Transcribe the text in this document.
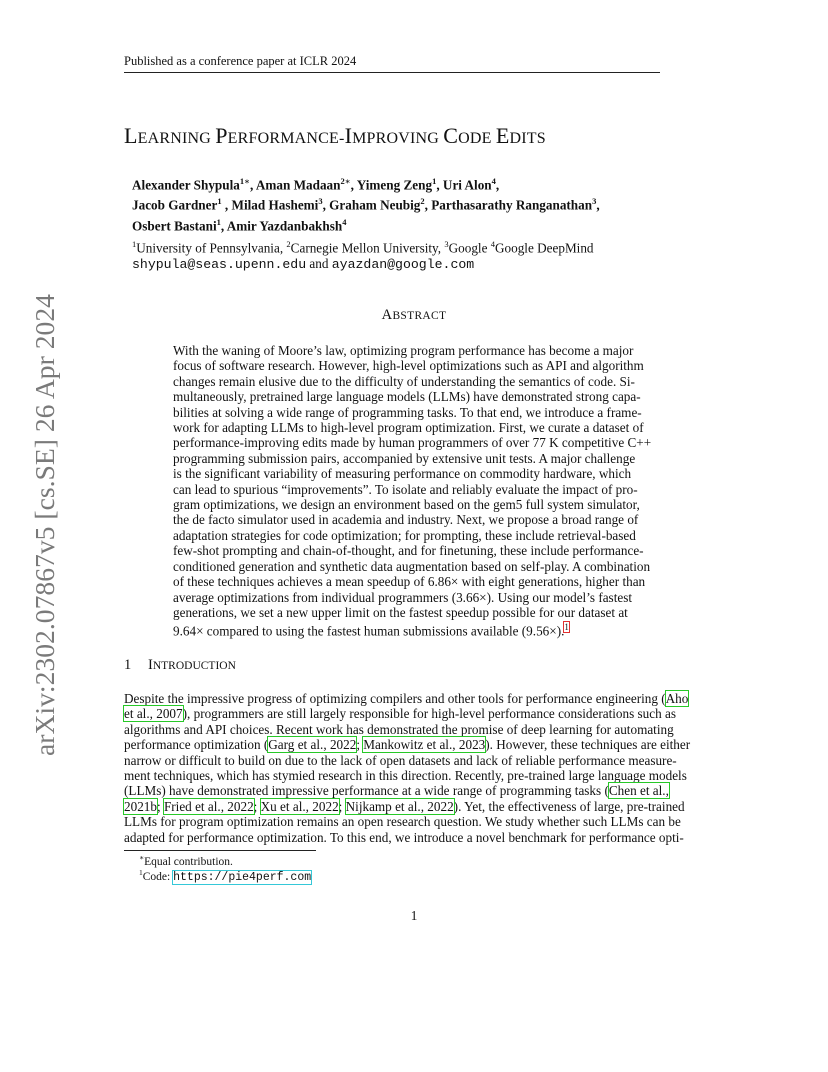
Published as a conference paper at ICLR 2024
arXiv:2302.07867v5 [cs.SE] 26 Apr 2024
LEARNING PERFORMANCE-IMPROVING CODE EDITS
Alexander Shypula$^{1∗}$, Aman Madaan$^{2∗}$, Yimeng Zeng$^1$, Uri Alon$^4$,
Jacob Gardner$^1$ , Milad Hashemi$^3$, Graham Neubig$^2$, Parthasarathy Ranganathan$^3$,
Osbert Bastani$^1$, Amir Yazdanbakhsh$^4$
$^1$University of Pennsylvania, $^2$Carnegie Mellon University, $^3$Google $^4$Google DeepMind
shypula@seas.upenn.edu and ayazdan@google.com
ABSTRACT
With the waning of Moore’s law, optimizing program performance has become a major
focus of software research. However, high-level optimizations such as API and algorithm
changes remain elusive due to the difficulty of understanding the semantics of code. Si-
multaneously, pretrained large language models (LLMs) have demonstrated strong capa-
bilities at solving a wide range of programming tasks. To that end, we introduce a frame-
work for adapting LLMs to high-level program optimization. First, we curate a dataset of
performance-improving edits made by human programmers of over 77 K competitive C++
programming submission pairs, accompanied by extensive unit tests. A major challenge
is the significant variability of measuring performance on commodity hardware, which
can lead to spurious “improvements”. To isolate and reliably evaluate the impact of pro-
gram optimizations, we design an environment based on the gem5 full system simulator,
the de facto simulator used in academia and industry. Next, we propose a broad range of
adaptation strategies for code optimization; for prompting, these include retrieval-based
few-shot prompting and chain-of-thought, and for finetuning, these include performance-
conditioned generation and synthetic data augmentation based on self-play. A combination
of these techniques achieves a mean speedup of 6.86× with eight generations, higher than
average optimizations from individual programmers (3.66×). Using our model’s fastest
generations, we set a new upper limit on the fastest speedup possible for our dataset at
9.64× compared to using the fastest human submissions available (9.56×).$^1$
1 INTRODUCTION
Despite the impressive progress of optimizing compilers and other tools for performance engineering (Aho
et al., 2007), programmers are still largely responsible for high-level performance considerations such as
algorithms and API choices. Recent work has demonstrated the promise of deep learning for automating
performance optimization (Garg et al., 2022; Mankowitz et al., 2023). However, these techniques are either
narrow or difficult to build on due to the lack of open datasets and lack of reliable performance measure-
ment techniques, which has stymied research in this direction. Recently, pre-trained large language models
(LLMs) have demonstrated impressive performance at a wide range of programming tasks (Chen et al.,
2021b; Fried et al., 2022; Xu et al., 2022; Nijkamp et al., 2022). Yet, the effectiveness of large, pre-trained
LLMs for program optimization remains an open research question. We study whether such LLMs can be
adapted for performance optimization. To this end, we introduce a novel benchmark for performance opti-
∗Equal contribution.
$^1$Code: https://pie4perf.com
1
